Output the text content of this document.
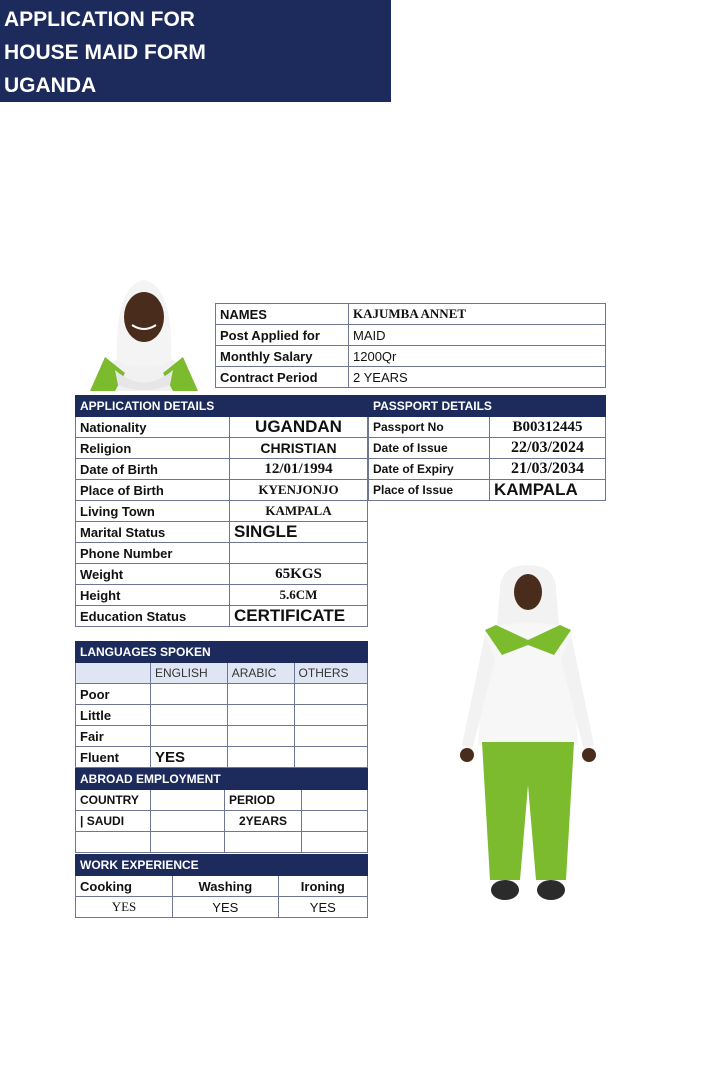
APPLICATION FOR
HOUSE MAID FORM
UGANDA
NAMES	KAJUMBA ANNET
Post Applied for	MAID
Monthly Salary	1200Qr
Contract Period	2 YEARS
APPLICATION DETAILS	
Nationality	UGANDAN
Religion	CHRISTIAN
Date of Birth	12/01/1994
Place of Birth	KYENJONJO
Living Town	KAMPALA
Marital Status	SINGLE
Phone Number	
Weight	65KGS
Height	5.6CM
Education Status	CERTIFICATE
PASSPORT DETAILS	
Passport No	B00312445
Date of Issue	22/03/2024
Date of Expiry	21/03/2034
Place of Issue	KAMPALA
LANGUAGES SPOKEN			
	ENGLISH	ARABIC	OTHERS
Poor			
Little			
Fair			
Fluent	YES		
ABROAD EMPLOYMENT			
COUNTRY		PERIOD	
| SAUDI		2YEARS	

WORK EXPERIENCE		
Cooking	Washing	Ironing
YES	YES	YES
